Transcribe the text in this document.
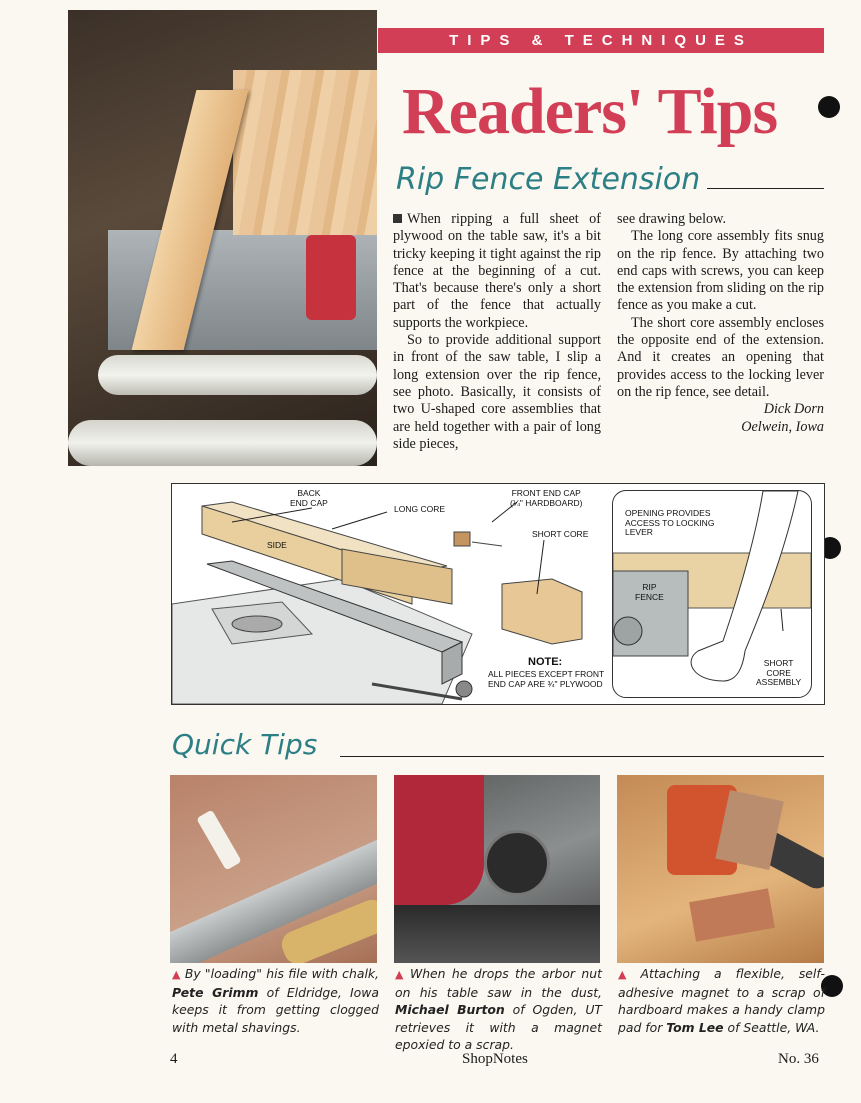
TIPS & TECHNIQUES
Readers' Tips
Rip Fence Extension

When ripping a full sheet of plywood on the table saw, it's a bit tricky keeping it tight against the rip fence at the beginning of a cut. That's because there's only a short part of the fence that actually supports the workpiece.

So to provide additional support in front of the saw table, I slip a long extension over the rip fence, see photo. Basically, it consists of two U-shaped core assemblies that are held together with a pair of long side pieces,

see drawing below.

The long core assembly fits snug on the rip fence. By attaching two end caps with screws, you can keep the extension from sliding on the rip fence as you make a cut.

The short core assembly encloses the opposite end of the extension. And it creates an opening that provides access to the locking lever on the rip fence, see detail.

Dick Dorn

Oelwein, Iowa

BACK
END CAP
SIDE
LONG CORE
FRONT END CAP
(¼" HARDBOARD)
SHORT CORE
NOTE:
ALL PIECES EXCEPT FRONT
END CAP ARE ¾" PLYWOOD
OPENING PROVIDES
ACCESS TO LOCKING
LEVER
RIP
FENCE
SHORT
CORE
ASSEMBLY
Quick Tips
▲ By "loading" his file with chalk, Pete Grimm of Eldridge, Iowa keeps it from getting clogged with metal shavings.
▲ When he drops the arbor nut on his table saw in the dust, Michael Burton of Ogden, UT retrieves it with a magnet epoxied to a scrap.
▲ Attaching a flexible, self-adhesive magnet to a scrap of hardboard makes a handy clamp pad for Tom Lee of Seattle, WA.
4	ShopNotes	No. 36
